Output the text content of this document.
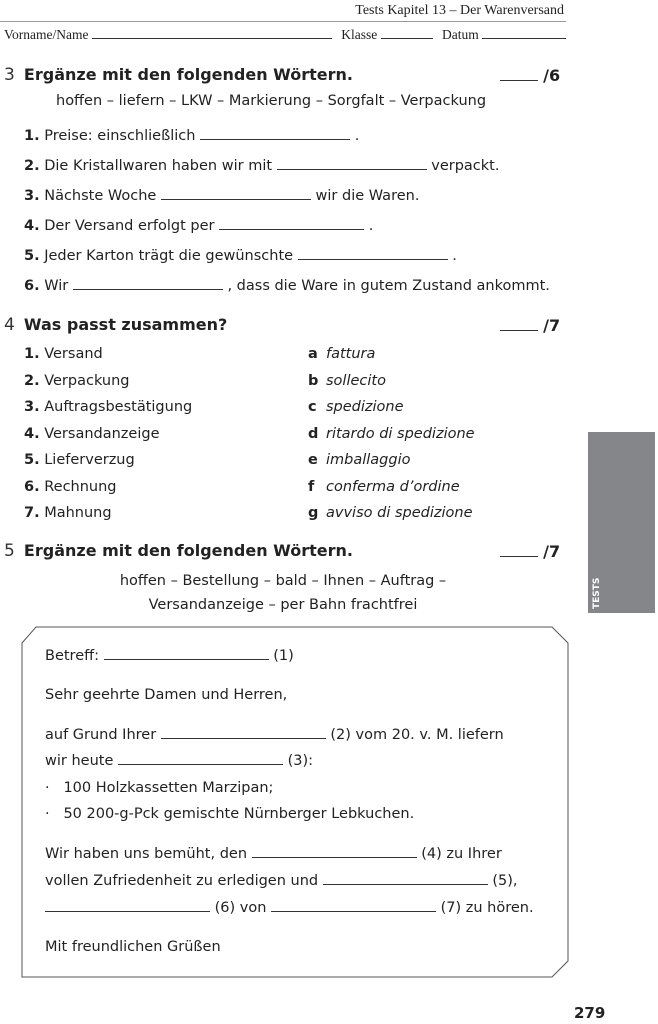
Tests Kapitel 13 – Der Warenversand
Vorname/Name	Klasse	Datum
3 Ergänze mit den folgenden Wörtern.	/6
hoffen – liefern – LKW – Markierung – Sorgfalt – Verpackung
1. Preise: einschließlich	.
2. Die Kristallwaren haben wir mit	verpackt.
3. Nächste Woche	wir die Waren.
4. Der Versand erfolgt per	.
5. Jeder Karton trägt die gewünschte	.
6. Wir	, dass die Ware in gutem Zustand ankommt.
4 Was passt zusammen?	/7
1. Versand	a fattura
2. Verpackung	b sollecito
3. Auftragsbestätigung	c spedizione
4. Versandanzeige	d ritardo di spedizione
5. Lieferverzug	e imballaggio
6. Rechnung	f conferma d’ordine
7. Mahnung	g avviso di spedizione
5 Ergänze mit den folgenden Wörtern.	/7
hoffen – Bestellung – bald – Ihnen – Auftrag –
Versandanzeige – per Bahn frachtfrei
Betreff:	(1)
Sehr geehrte Damen und Herren,
auf Grund Ihrer	(2) vom 20. v. M. liefern
wir heute	(3):
·   100 Holzkassetten Marzipan;
·   50 200-g-Pck gemischte Nürnberger Lebkuchen.
Wir haben uns bemüht, den	(4) zu Ihrer
vollen Zufriedenheit zu erledigen und	(5),
(6) von	(7) zu hören.
Mit freundlichen Grüßen
TESTS
279
